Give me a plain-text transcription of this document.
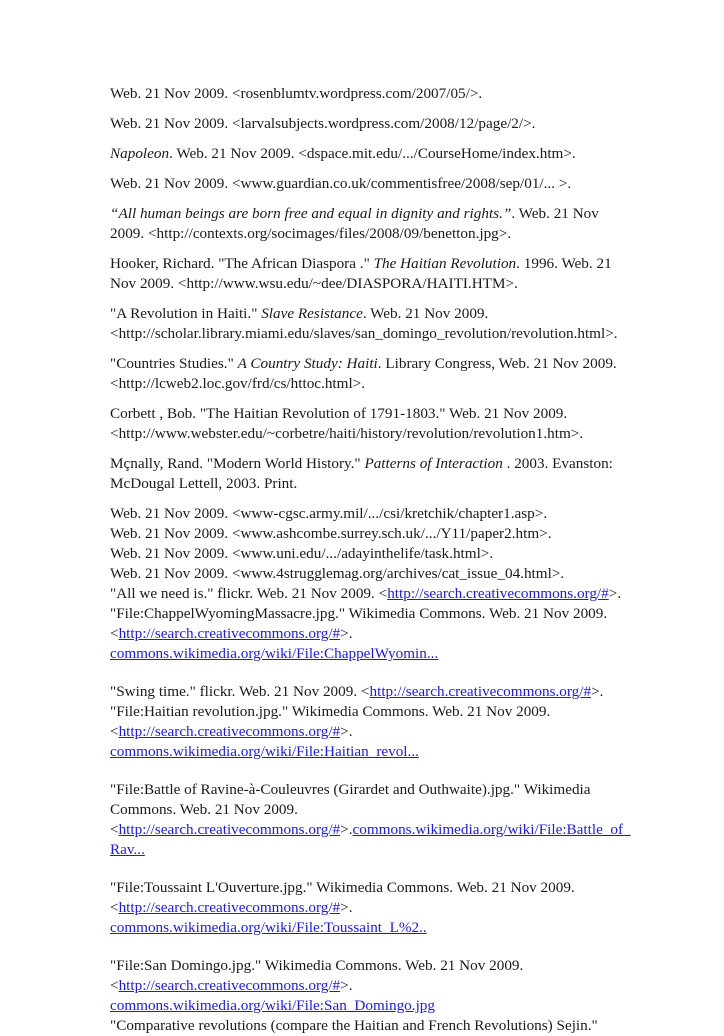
Web. 21 Nov 2009. <rosenblumtv.wordpress.com/2007/05/>.

Web. 21 Nov 2009. <larvalsubjects.wordpress.com/2008/12/page/2/>.

Napoleon. Web. 21 Nov 2009. <dspace.mit.edu/.../CourseHome/index.htm>.

Web. 21 Nov 2009. <www.guardian.co.uk/commentisfree/2008/sep/01/... >.

“All human beings are born free and equal in dignity and rights.”. Web. 21 Nov
2009. <http://contexts.org/socimages/files/2008/09/benetton.jpg>.

Hooker, Richard. "The African Diaspora ." The Haitian Revolution. 1996. Web. 21
Nov 2009. <http://www.wsu.edu/~dee/DIASPORA/HAITI.HTM>.

"A Revolution in Haiti." Slave Resistance. Web. 21 Nov 2009.
<http://scholar.library.miami.edu/slaves/san_domingo_revolution/revolution.html>.

"Countries Studies." A Country Study: Haiti. Library Congress, Web. 21 Nov 2009.
<http://lcweb2.loc.gov/frd/cs/httoc.html>.

Corbett , Bob. "The Haitian Revolution of 1791-1803." Web. 21 Nov 2009.
<http://www.webster.edu/~corbetre/haiti/history/revolution/revolution1.htm>.

Mçnally, Rand. "Modern World History." Patterns of Interaction . 2003. Evanston:
McDougal Lettell, 2003. Print.

Web. 21 Nov 2009. <www-cgsc.army.mil/.../csi/kretchik/chapter1.asp>.
Web. 21 Nov 2009. <www.ashcombe.surrey.sch.uk/.../Y11/paper2.htm>.
Web. 21 Nov 2009. <www.uni.edu/.../adayinthelife/task.html>.
Web. 21 Nov 2009. <www.4strugglemag.org/archives/cat_issue_04.html>.
"All we need is." flickr. Web. 21 Nov 2009. <http://search.creativecommons.org/#>.
"File:ChappelWyomingMassacre.jpg." Wikimedia Commons. Web. 21 Nov 2009.
<http://search.creativecommons.org/#>.
commons.wikimedia.org/wiki/File:ChappelWyomin...

"Swing time." flickr. Web. 21 Nov 2009. <http://search.creativecommons.org/#>.
"File:Haitian revolution.jpg." Wikimedia Commons. Web. 21 Nov 2009.
<http://search.creativecommons.org/#>.
commons.wikimedia.org/wiki/File:Haitian_revol...

"File:Battle of Ravine-à-Couleuvres (Girardet and Outhwaite).jpg." Wikimedia
Commons. Web. 21 Nov 2009.
<http://search.creativecommons.org/#>.commons.wikimedia.org/wiki/File:Battle_of_
Rav...

"File:Toussaint L'Ouverture.jpg." Wikimedia Commons. Web. 21 Nov 2009.
<http://search.creativecommons.org/#>.
commons.wikimedia.org/wiki/File:Toussaint_L%2..

"File:San Domingo.jpg." Wikimedia Commons. Web. 21 Nov 2009.
<http://search.creativecommons.org/#>.
commons.wikimedia.org/wiki/File:San_Domingo.jpg
"Comparative revolutions (compare the Haitian and French Revolutions) Sejin."
